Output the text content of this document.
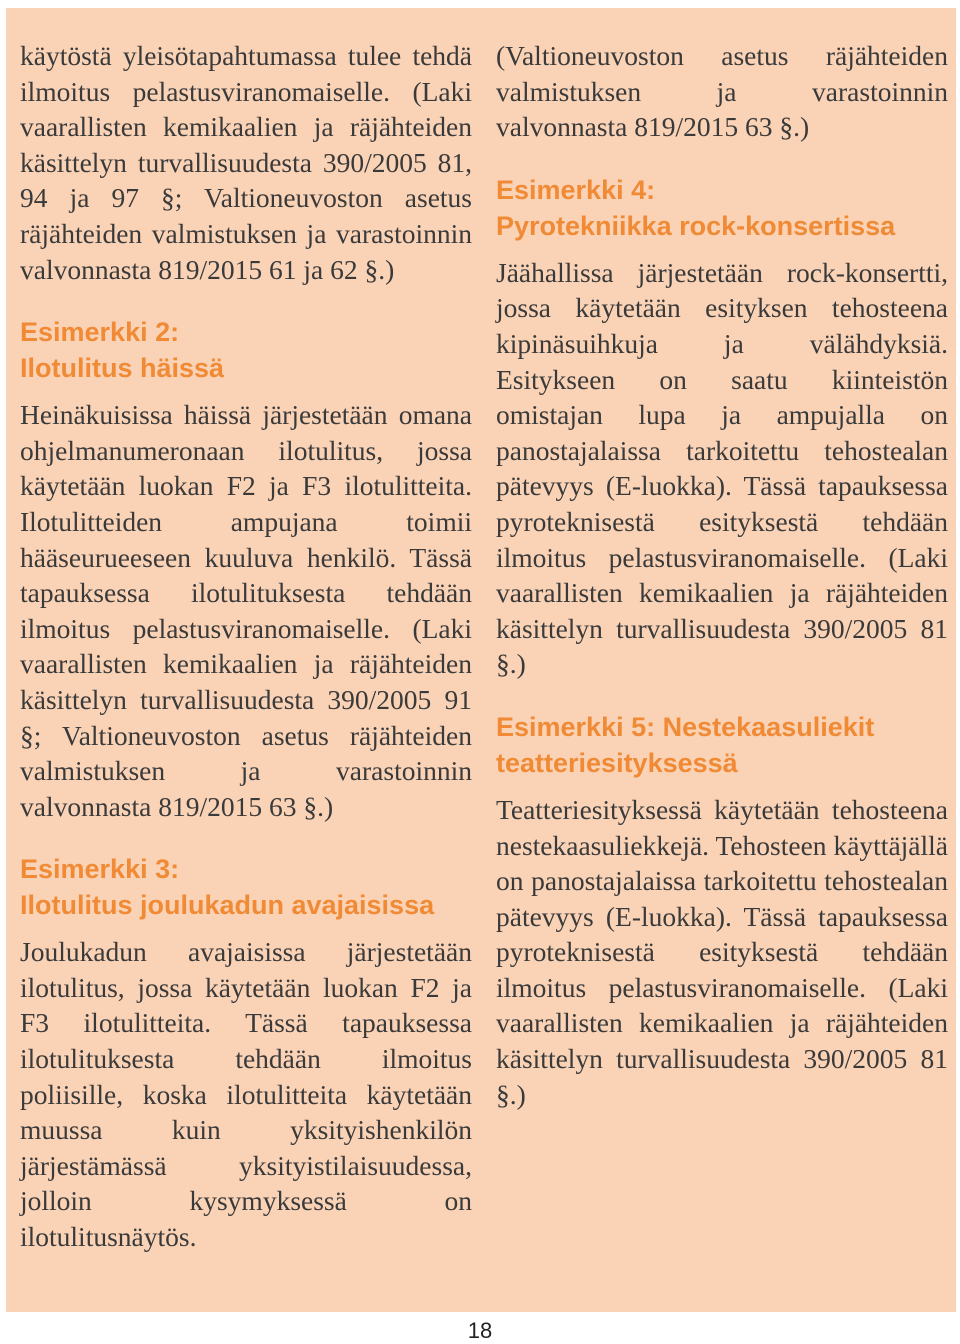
käytöstä yleisötapahtumassa tulee tehdä ilmoitus pelastusviranomaiselle. (Laki vaarallisten kemikaalien ja räjähteiden käsittelyn turvallisuudesta 390/2005 81, 94 ja 97 §; Valtioneuvoston asetus räjähteiden valmistuksen ja varastoinnin valvonnasta 819/2015 61 ja 62 §.)

Esimerkki 2:
Ilotulitus häissä

Heinäkuisissa häissä järjestetään omana ohjelmanumeronaan ilotulitus, jossa käytetään luokan F2 ja F3 ilotulitteita. Ilotulitteiden ampujana toimii hääseurueeseen kuuluva henkilö. Tässä tapauksessa ilotulituksesta tehdään ilmoitus pelastusviranomaiselle. (Laki vaarallisten kemikaalien ja räjähteiden käsittelyn turvallisuudesta 390/2005 91 §; Valtioneuvoston asetus räjähteiden valmistuksen ja varastoinnin valvonnasta 819/2015 63 §.)

Esimerkki 3:
Ilotulitus joulukadun avajaisissa

Joulukadun avajaisissa järjestetään ilotulitus, jossa käytetään luokan F2 ja F3 ilotulitteita. Tässä tapauksessa ilotulituksesta tehdään ilmoitus poliisille, koska ilotulitteita käytetään muussa kuin yksityishenkilön järjestämässä yksityistilaisuudessa, jolloin kysymyksessä on ilotulitusnäytös.

(Valtioneuvoston asetus räjähteiden valmistuksen ja varastoinnin valvonnasta 819/2015 63 §.)

Esimerkki 4:
Pyrotekniikka rock-konsertissa

Jäähallissa järjestetään rock-konsertti, jossa käytetään esityksen tehosteena kipinäsuihkuja ja välähdyksiä. Esitykseen on saatu kiinteistön omistajan lupa ja ampujalla on panostajalaissa tarkoitettu tehostealan pätevyys (E-luokka). Tässä tapauksessa pyroteknisestä esityksestä tehdään ilmoitus pelastusviranomaiselle. (Laki vaarallisten kemikaalien ja räjähteiden käsittelyn turvallisuudesta 390/2005 81 §.)

Esimerkki 5: Nestekaasuliekit
teatteriesityksessä

Teatteriesityksessä käytetään tehosteena nestekaasuliekkejä. Tehosteen käyttäjällä on panostajalaissa tarkoitettu tehostealan pätevyys (E-luokka). Tässä tapauksessa pyroteknisestä esityksestä tehdään ilmoitus pelastusviranomaiselle. (Laki vaarallisten kemikaalien ja räjähteiden käsittelyn turvallisuudesta 390/2005 81 §.)

18
